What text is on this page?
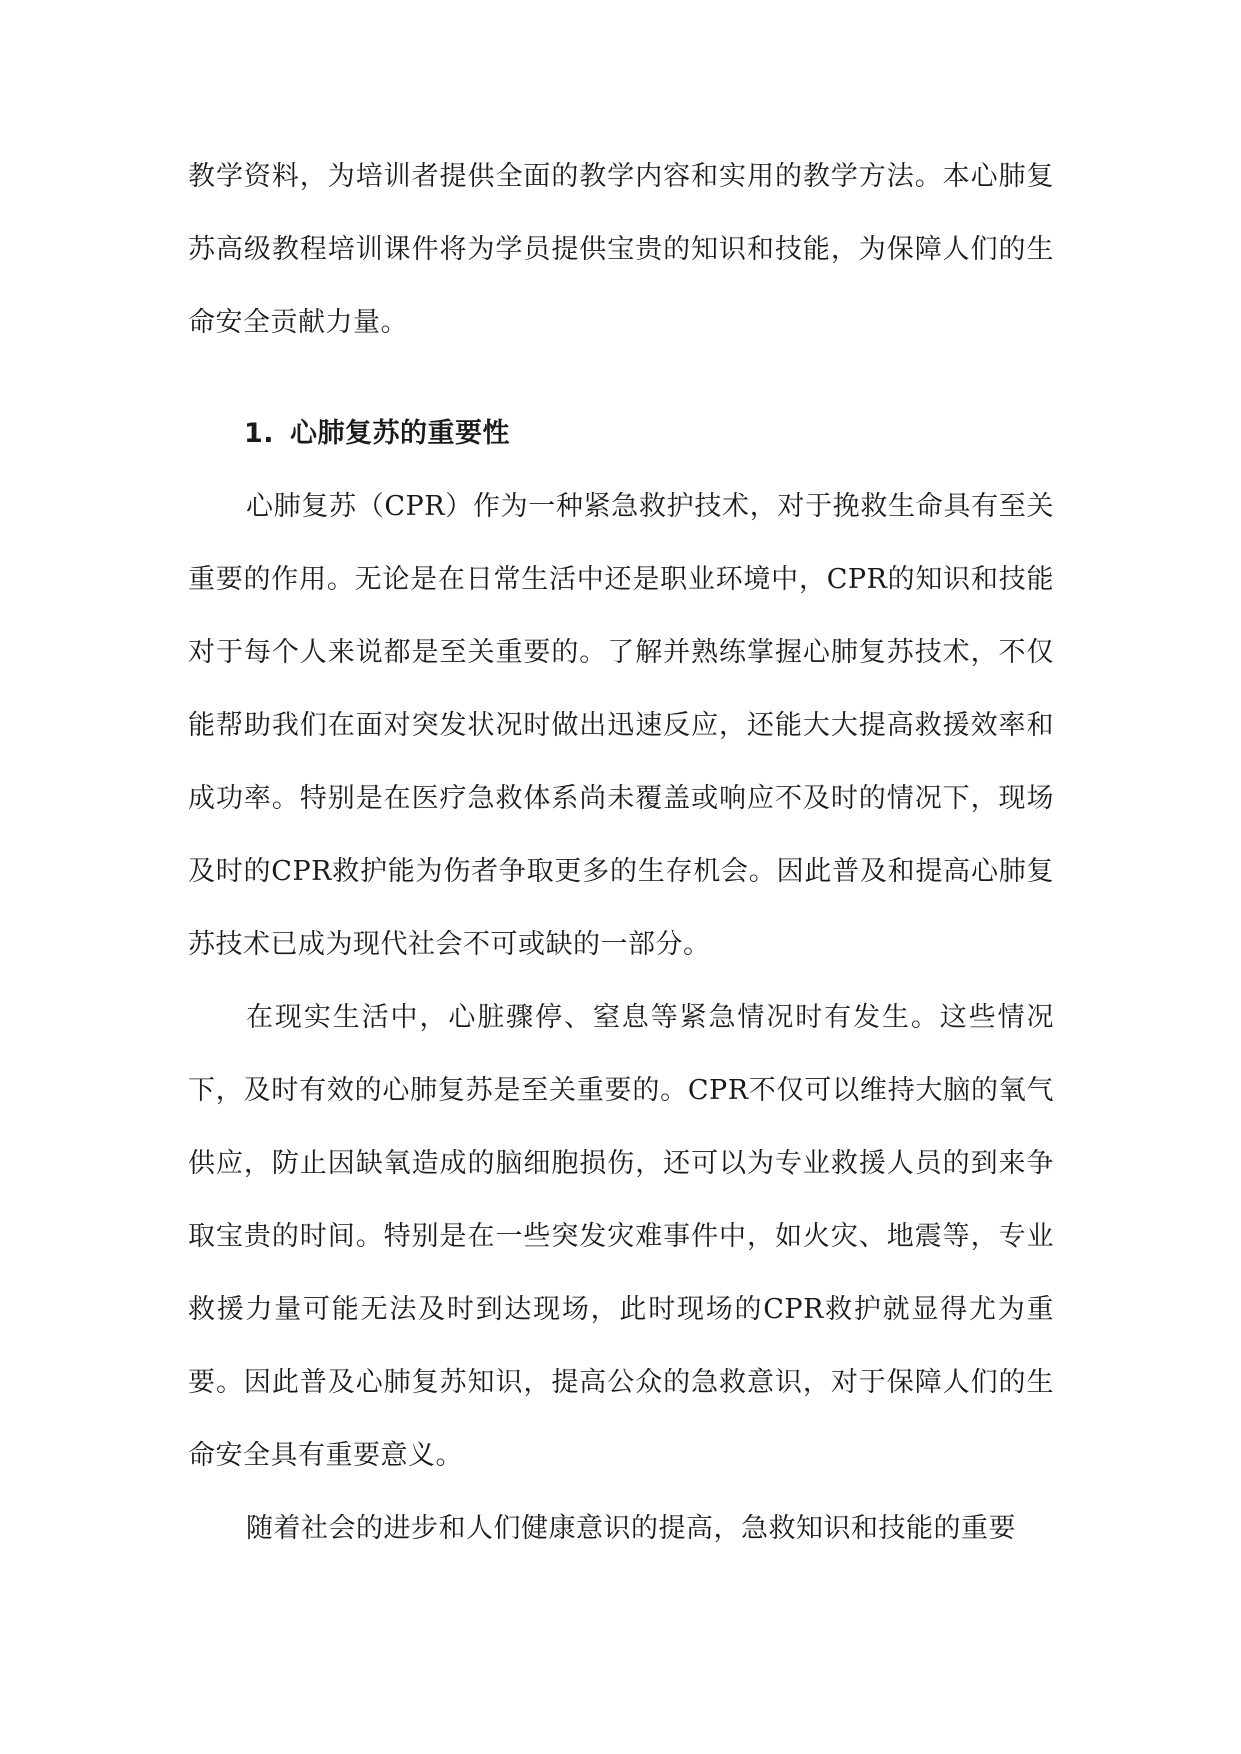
教学资料，为培训者提供全面的教学内容和实用的教学方法。本心肺复苏高级教程培训课件将为学员提供宝贵的知识和技能，为保障人们的生命安全贡献力量。

1. 心肺复苏的重要性

心肺复苏（CPR）作为一种紧急救护技术，对于挽救生命具有至关重要的作用。无论是在日常生活中还是职业环境中，CPR的知识和技能对于每个人来说都是至关重要的。了解并熟练掌握心肺复苏技术，不仅能帮助我们在面对突发状况时做出迅速反应，还能大大提高救援效率和成功率。特别是在医疗急救体系尚未覆盖或响应不及时的情况下，现场及时的CPR救护能为伤者争取更多的生存机会。因此普及和提高心肺复苏技术已成为现代社会不可或缺的一部分。

在现实生活中，心脏骤停、窒息等紧急情况时有发生。这些情况下，及时有效的心肺复苏是至关重要的。CPR不仅可以维持大脑的氧气供应，防止因缺氧造成的脑细胞损伤，还可以为专业救援人员的到来争取宝贵的时间。特别是在一些突发灾难事件中，如火灾、地震等，专业救援力量可能无法及时到达现场，此时现场的CPR救护就显得尤为重要。因此普及心肺复苏知识，提高公众的急救意识，对于保障人们的生命安全具有重要意义。

随着社会的进步和人们健康意识的提高，急救知识和技能的重要
